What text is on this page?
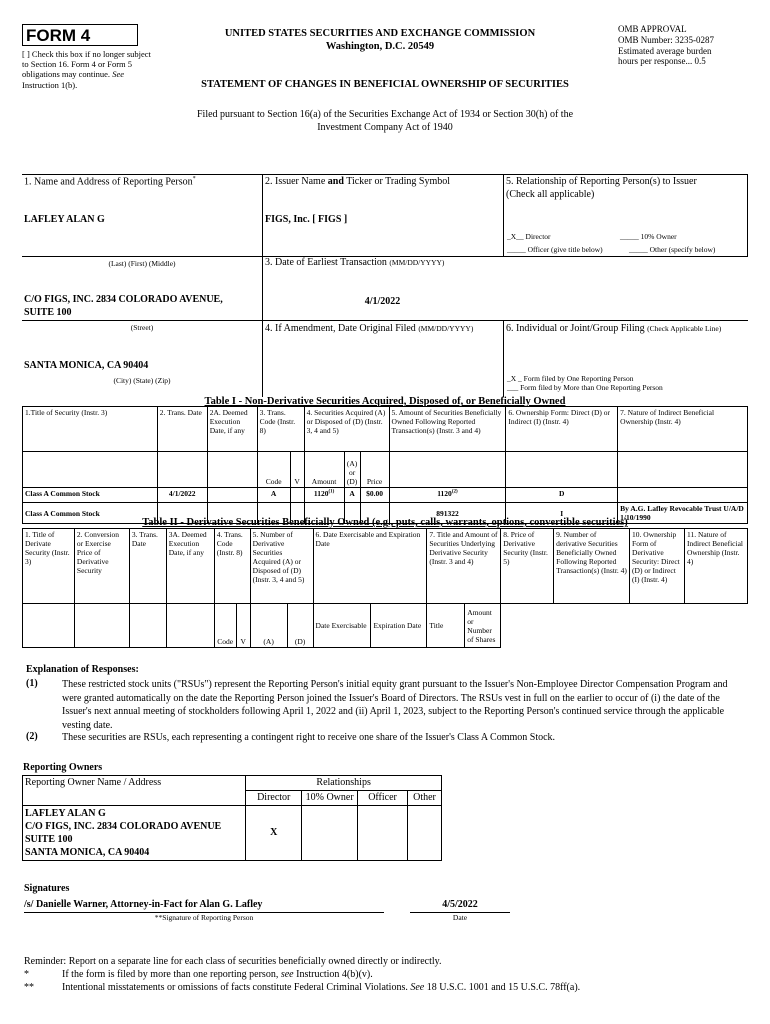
FORM 4
[ ] Check this box if no longer subject to Section 16. Form 4 or Form 5 obligations may continue. See Instruction 1(b).
UNITED STATES SECURITIES AND EXCHANGE COMMISSION
Washington, D.C. 20549
OMB APPROVAL
OMB Number: 3235-0287
Estimated average burden
hours per response... 0.5
STATEMENT OF CHANGES IN BENEFICIAL OWNERSHIP OF SECURITIES
Filed pursuant to Section 16(a) of the Securities Exchange Act of 1934 or Section 30(h) of the
Investment Company Act of 1940
1. Name and Address of Reporting Person*
LAFLEY ALAN G
(Last) (First) (Middle)
C/O FIGS, INC. 2834 COLORADO AVENUE, SUITE 100
(Street)
SANTA MONICA, CA 90404
(City) (State) (Zip)
2. Issuer Name and Ticker or Trading Symbol
FIGS, Inc. [ FIGS ]
3. Date of Earliest Transaction (MM/DD/YYYY)
4/1/2022
4. If Amendment, Date Original Filed (MM/DD/YYYY)
5. Relationship of Reporting Person(s) to Issuer
(Check all applicable)
_X__ Director	_____ 10% Owner
_____ Officer (give title below)	_____ Other (specify below)
6. Individual or Joint/Group Filing (Check Applicable Line)
_X _ Form filed by One Reporting Person
___ Form filed by More than One Reporting Person
Table I - Non-Derivative Securities Acquired, Disposed of, or Beneficially Owned
1.Title of Security (Instr. 3)	2. Trans. Date	2A. Deemed Execution Date, if any	3. Trans. Code (Instr. 8)		4. Securities Acquired (A) or Disposed of (D) (Instr. 3, 4 and 5)			5. Amount of Securities Beneficially Owned Following Reported Transaction(s) (Instr. 3 and 4)	6. Ownership Form: Direct (D) or Indirect (I) (Instr. 4)	7. Nature of Indirect Beneficial Ownership (Instr. 4)
			Code	V	Amount	(A) or (D)	Price			
Class A Common Stock	4/1/2022		A		1120$^{(1)}$	A	$0.00	1120$^{(2)}$	D	
Class A Common Stock								891322	I	By A.G. Lafley Revocable Trust U/A/D 1/10/1990
Table II - Derivative Securities Beneficially Owned (e.g., puts, calls, warrants, options, convertible securities)
1. Title of Derivate Security (Instr. 3)	2. Conversion or Exercise Price of Derivative Security	3. Trans. Date	3A. Deemed Execution Date, if any	4. Trans. Code (Instr. 8)		5. Number of Derivative Securities Acquired (A) or Disposed of (D) (Instr. 3, 4 and 5)		6. Date Exercisable and Expiration Date		7. Title and Amount of Securities Underlying Derivative Security (Instr. 3 and 4)		8. Price of Derivative Security (Instr. 5)	9. Number of derivative Securities Beneficially Owned Following Reported Transaction(s) (Instr. 4)	10. Ownership Form of Derivative Security: Direct (D) or Indirect (I) (Instr. 4)	11. Nature of Indirect Beneficial Ownership (Instr. 4)
				Code	V	(A)	(D)	Date Exercisable	Expiration Date	Title	Amount or Number of Shares				
Explanation of Responses:
(1) These restricted stock units ("RSUs") represent the Reporting Person's initial equity grant pursuant to the Issuer's Non-Employee Director Compensation Program and were granted automatically on the date the Reporting Person joined the Issuer's Board of Directors. The RSUs vest in full on the earlier to occur of (i) the date of the Issuer's next annual meeting of stockholders following April 1, 2022 and (ii) April 1, 2023, subject to the Reporting Person's continued service through the applicable vesting date.
(2) These securities are RSUs, each representing a contingent right to receive one share of the Issuer's Class A Common Stock.
Reporting Owners
Reporting Owner Name / Address	Relationships			
	Director	10% Owner	Officer	Other

LAFLEY ALAN G
C/O FIGS, INC. 2834 COLORADO AVENUE
SUITE 100
SANTA MONICA, CA 90404	X			
Signatures
/s/ Danielle Warner, Attorney-in-Fact for Alan G. Lafley
**Signature of Reporting Person
4/5/2022
Date
Reminder: Report on a separate line for each class of securities beneficially owned directly or indirectly.
*	If the form is filed by more than one reporting person, see Instruction 4(b)(v).
**	Intentional misstatements or omissions of facts constitute Federal Criminal Violations. See 18 U.S.C. 1001 and 15 U.S.C. 78ff(a).
